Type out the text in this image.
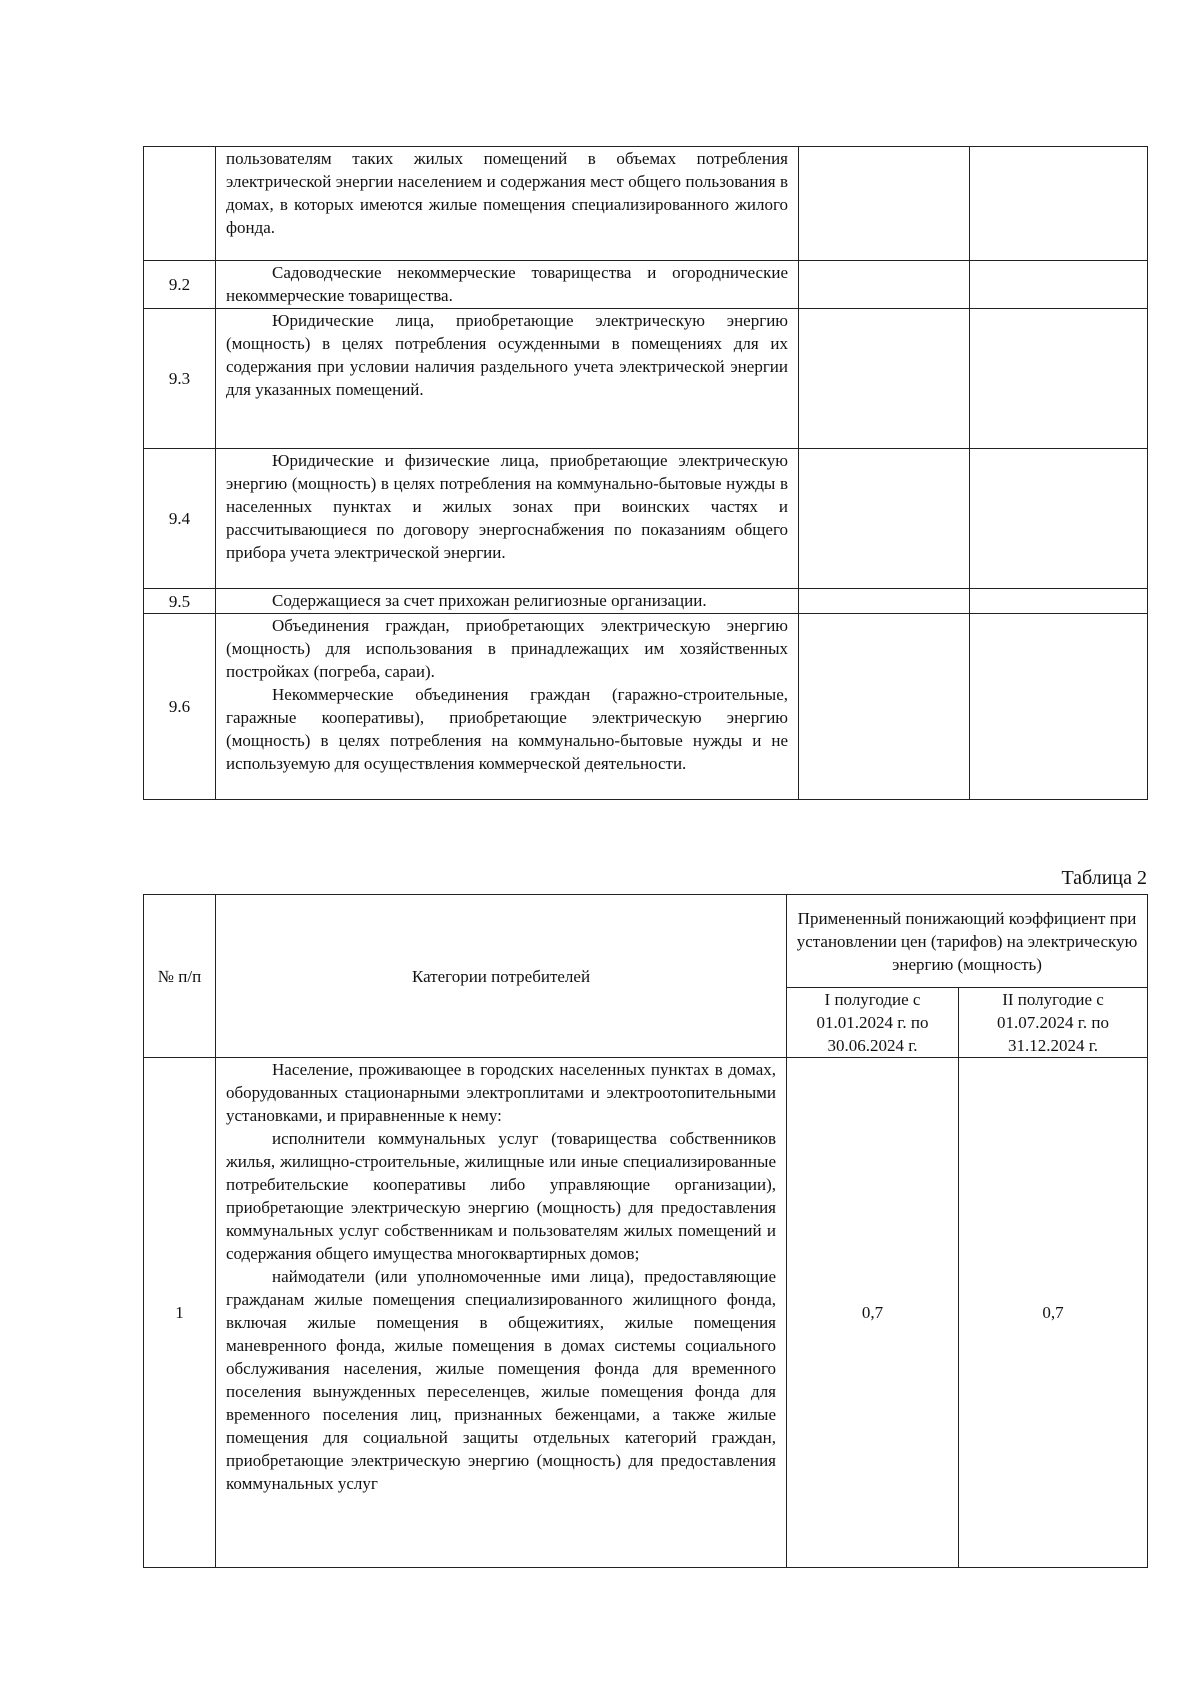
	пользователям таких жилых помещений в объемах потребления электрической энергии населением и содержания мест общего пользования в домах, в которых имеются жилые помещения специализированного жилого фонда.		

9.2	Садоводческие некоммерческие товарищества и огороднические некоммерческие товарищества.		

9.3	Юридические лица, приобретающие электрическую энергию (мощность) в целях потребления осужденными в помещениях для их содержания при условии наличия раздельного учета электрической энергии для указанных помещений.		

9.4	Юридические и физические лица, приобретающие электрическую энергию (мощность) в целях потребления на коммунально-бытовые нужды в населенных пунктах и жилых зонах при воинских частях и рассчитывающиеся по договору энергоснабжения по показаниям общего прибора учета электрической энергии.		

9.5	Содержащиеся за счет прихожан религиозные организации.		

9.6	Объединения граждан, приобретающих электрическую энергию (мощность) для использования в принадлежащих им хозяйственных постройках (погреба, сараи).

Некоммерческие объединения граждан (гаражно-строительные, гаражные кооперативы), приобретающие электрическую энергию (мощность) в целях потребления на коммунально-бытовые нужды и не используемую для осуществления коммерческой деятельности.		

Таблица 2
№ п/п	Категории потребителей	Примененный понижающий коэффициент при установлении цен (тарифов) на электрическую энергию (мощность)	
		I полугодие с 01.01.2024 г. по 30.06.2024 г.	II полугодие с 01.07.2024 г. по 31.12.2024 г.
1	Население, проживающее в городских населенных пунктах в домах, оборудованных стационарными электроплитами и электроотопительными установками, и приравненные к нему:

исполнители коммунальных услуг (товарищества собственников жилья, жилищно-строительные, жилищные или иные специализированные потребительские кооперативы либо управляющие организации), приобретающие электрическую энергию (мощность) для предоставления коммунальных услуг собственникам и пользователям жилых помещений и содержания общего имущества многоквартирных домов;

наймодатели (или уполномоченные ими лица), предоставляющие гражданам жилые помещения специализированного жилищного фонда, включая жилые помещения в общежитиях, жилые помещения маневренного фонда, жилые помещения в домах системы социального обслуживания населения, жилые помещения фонда для временного поселения вынужденных переселенцев, жилые помещения фонда для временного поселения лиц, признанных беженцами, а также жилые помещения для социальной защиты отдельных категорий граждан, приобретающие электрическую энергию (мощность) для предоставления коммунальных услуг	0,7	0,7
